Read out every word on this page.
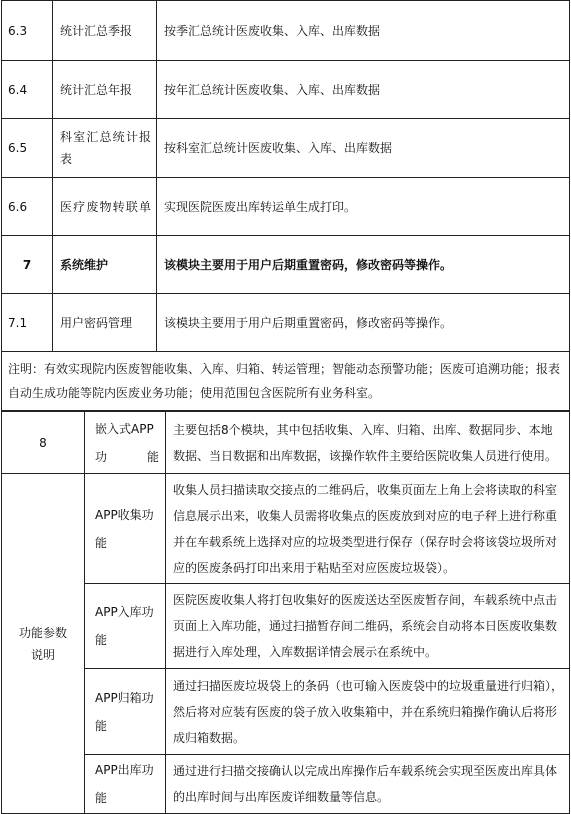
6.3	统计汇总季报	按季汇总统计医废收集、入库、出库数据
6.4	统计汇总年报	按年汇总统计医废收集、入库、出库数据
6.5	科室汇总统计报表	按科室汇总统计医废收集、入库、出库数据
6.6	医疗废物转联单	实现医院医废出库转运单生成打印。
7	系统维护	该模块主要用于用户后期重置密码，修改密码等操作。
7.1	用户密码管理	该模块主要用于用户后期重置密码，修改密码等操作。
注明：有效实现院内医废智能收集、入库、归箱、转运管理；智能动态预警功能；医废可追溯功能；报表自动生成功能等院内医废业务功能；使用范围包含医院所有业务科室。		
8	嵌入式APP功能	主要包括8个模块，其中包括收集、入库、归箱、出库、数据同步、本地数据、当日数据和出库数据，该操作软件主要给医院收集人员进行使用。
功能参数说明	APP收集功能	收集人员扫描读取交接点的二维码后，收集页面左上角上会将读取的科室信息展示出来，收集人员需将收集点的医废放到对应的电子秤上进行称重并在车载系统上选择对应的垃圾类型进行保存（保存时会将该袋垃圾所对应的医废条码打印出来用于粘贴至对应医废垃圾袋）。
	APP入库功能	医院医废收集人将打包收集好的医废送达至医废暂存间，车载系统中点击页面上入库功能，通过扫描暂存间二维码，系统会自动将本日医废收集数据进行入库处理，入库数据详情会展示在系统中。
	APP归箱功能	通过扫描医废垃圾袋上的条码（也可输入医废袋中的垃圾重量进行归箱），然后将对应装有医废的袋子放入收集箱中，并在系统归箱操作确认后将形成归箱数据。
	APP出库功能	通过进行扫描交接确认以完成出库操作后车载系统会实现至医废出库具体的出库时间与出库医废详细数量等信息。
